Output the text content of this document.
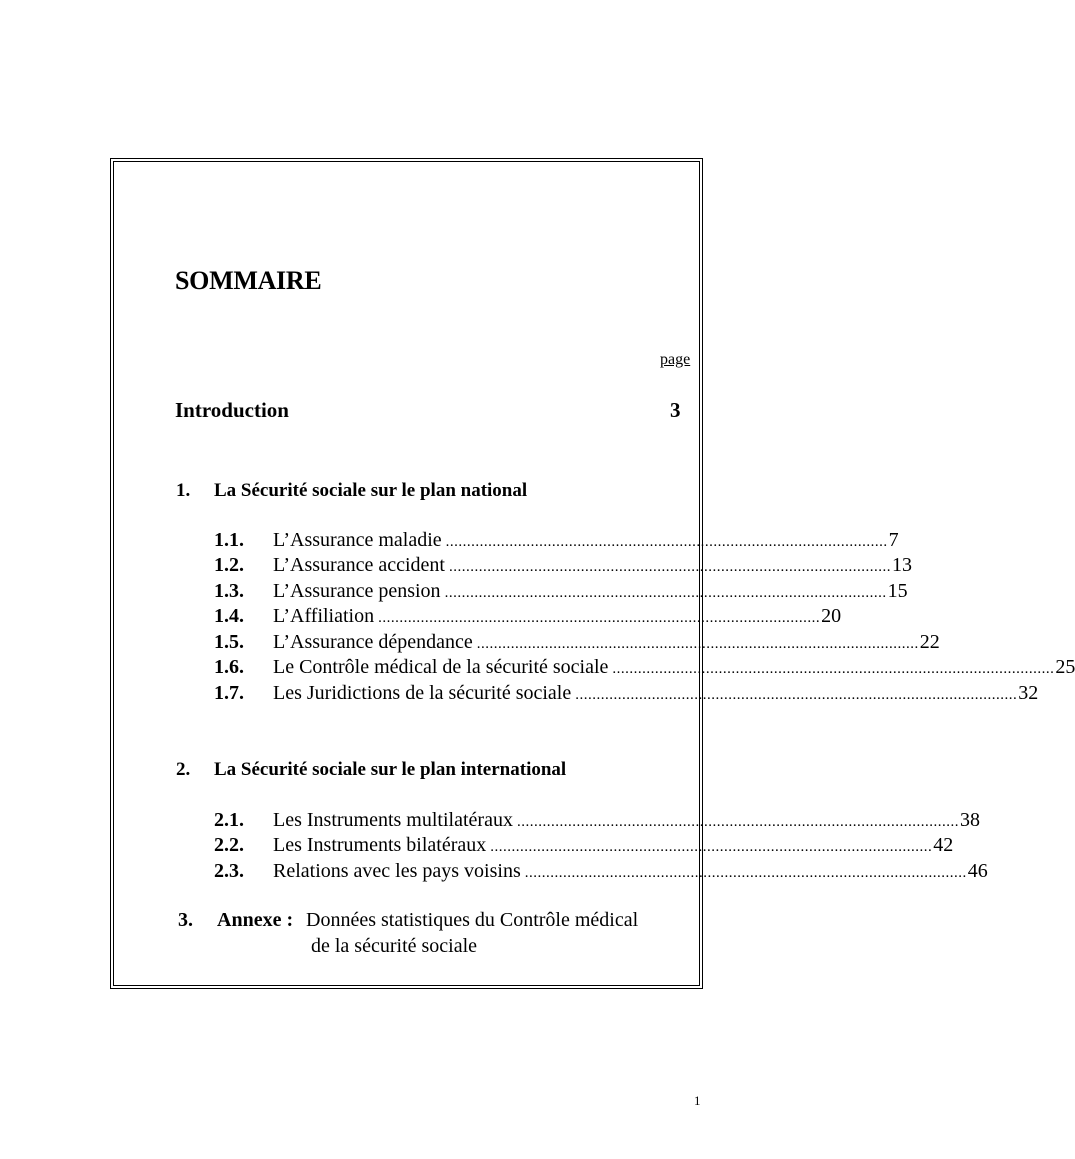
SOMMAIRE
page
Introduction	3
1. La Sécurité sociale sur le plan national
1.1. L’Assurance maladie ........................................................................................................ 7
1.2. L’Assurance accident ........................................................................................................ 13
1.3. L’Assurance pension ........................................................................................................ 15
1.4. L’Affiliation ........................................................................................................ 20
1.5. L’Assurance dépendance ........................................................................................................ 22
1.6. Le Contrôle médical de la sécurité sociale ........................................................................................................ 25
1.7. Les Juridictions de la sécurité sociale ........................................................................................................ 32
2. La Sécurité sociale sur le plan international
2.1. Les Instruments multilatéraux ........................................................................................................ 38
2.2. Les Instruments bilatéraux ........................................................................................................ 42
2.3. Relations avec les pays voisins ........................................................................................................ 46
3. Annexe : Données statistiques du Contrôle médical
de la sécurité sociale
1
